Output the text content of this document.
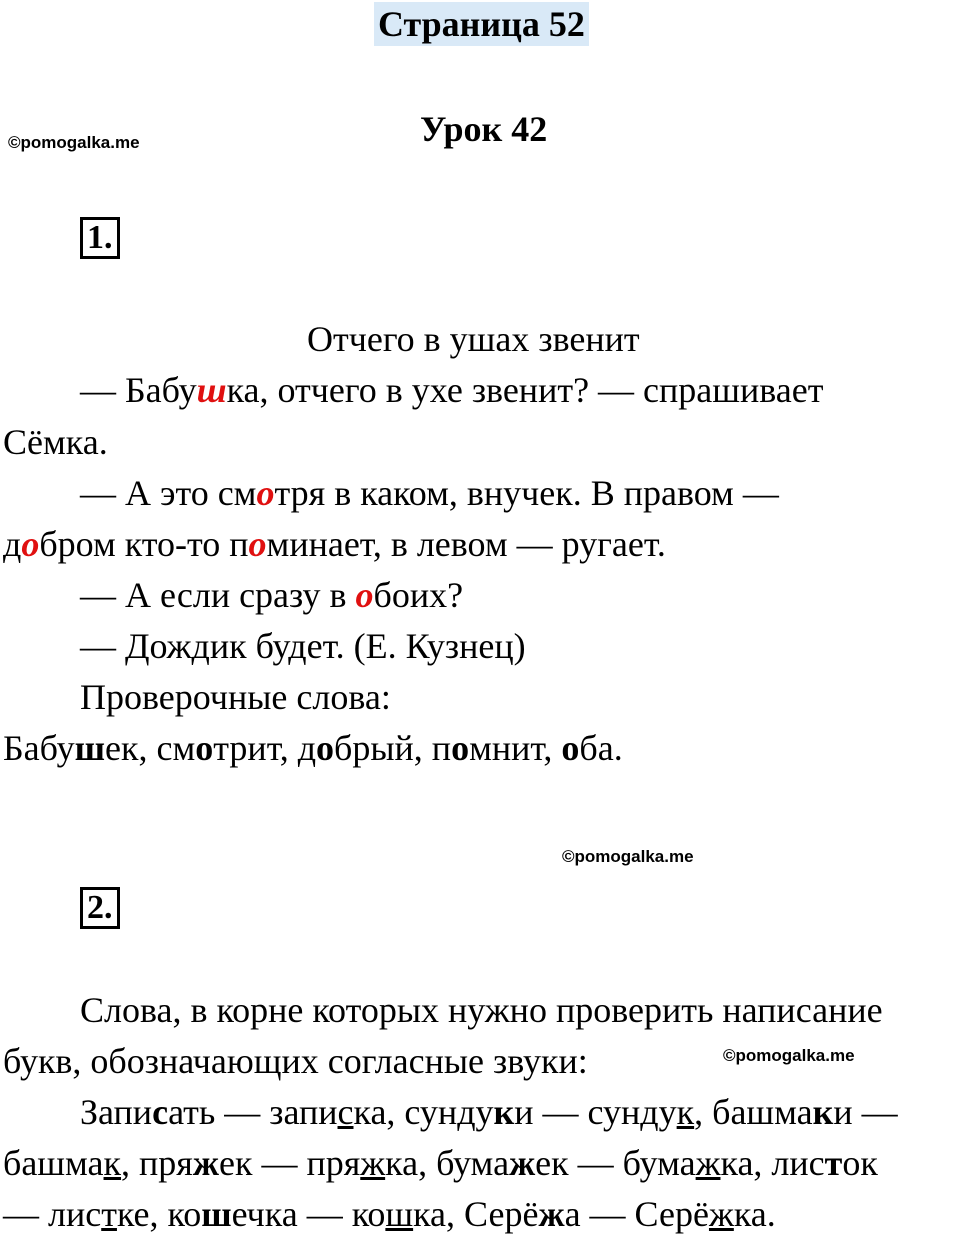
Страница 52
Урок 42
©pomogalka.me
1.
Отчего в ушах звенит
— Бабушка, отчего в ухе звенит? — спрашивает
Сёмка.
— А это смотря в каком, внучек. В правом —
добром кто-то поминает, в левом — ругает.
— А если сразу в обоих?
— Дождик будет. (Е. Кузнец)
Проверочные слова:
Бабушек, смотрит, добрый, помнит, оба.
©pomogalka.me
2.
Слова, в корне которых нужно проверить написание
букв, обозначающих согласные звуки:	©pomogalka.me
Записать — записка, сундуки — сундук, башмаки —
башмак, пряжек — пряжка, бумажек — бумажка, листок
— листке, кошечка — кошка, Серёжа — Серёжка.
